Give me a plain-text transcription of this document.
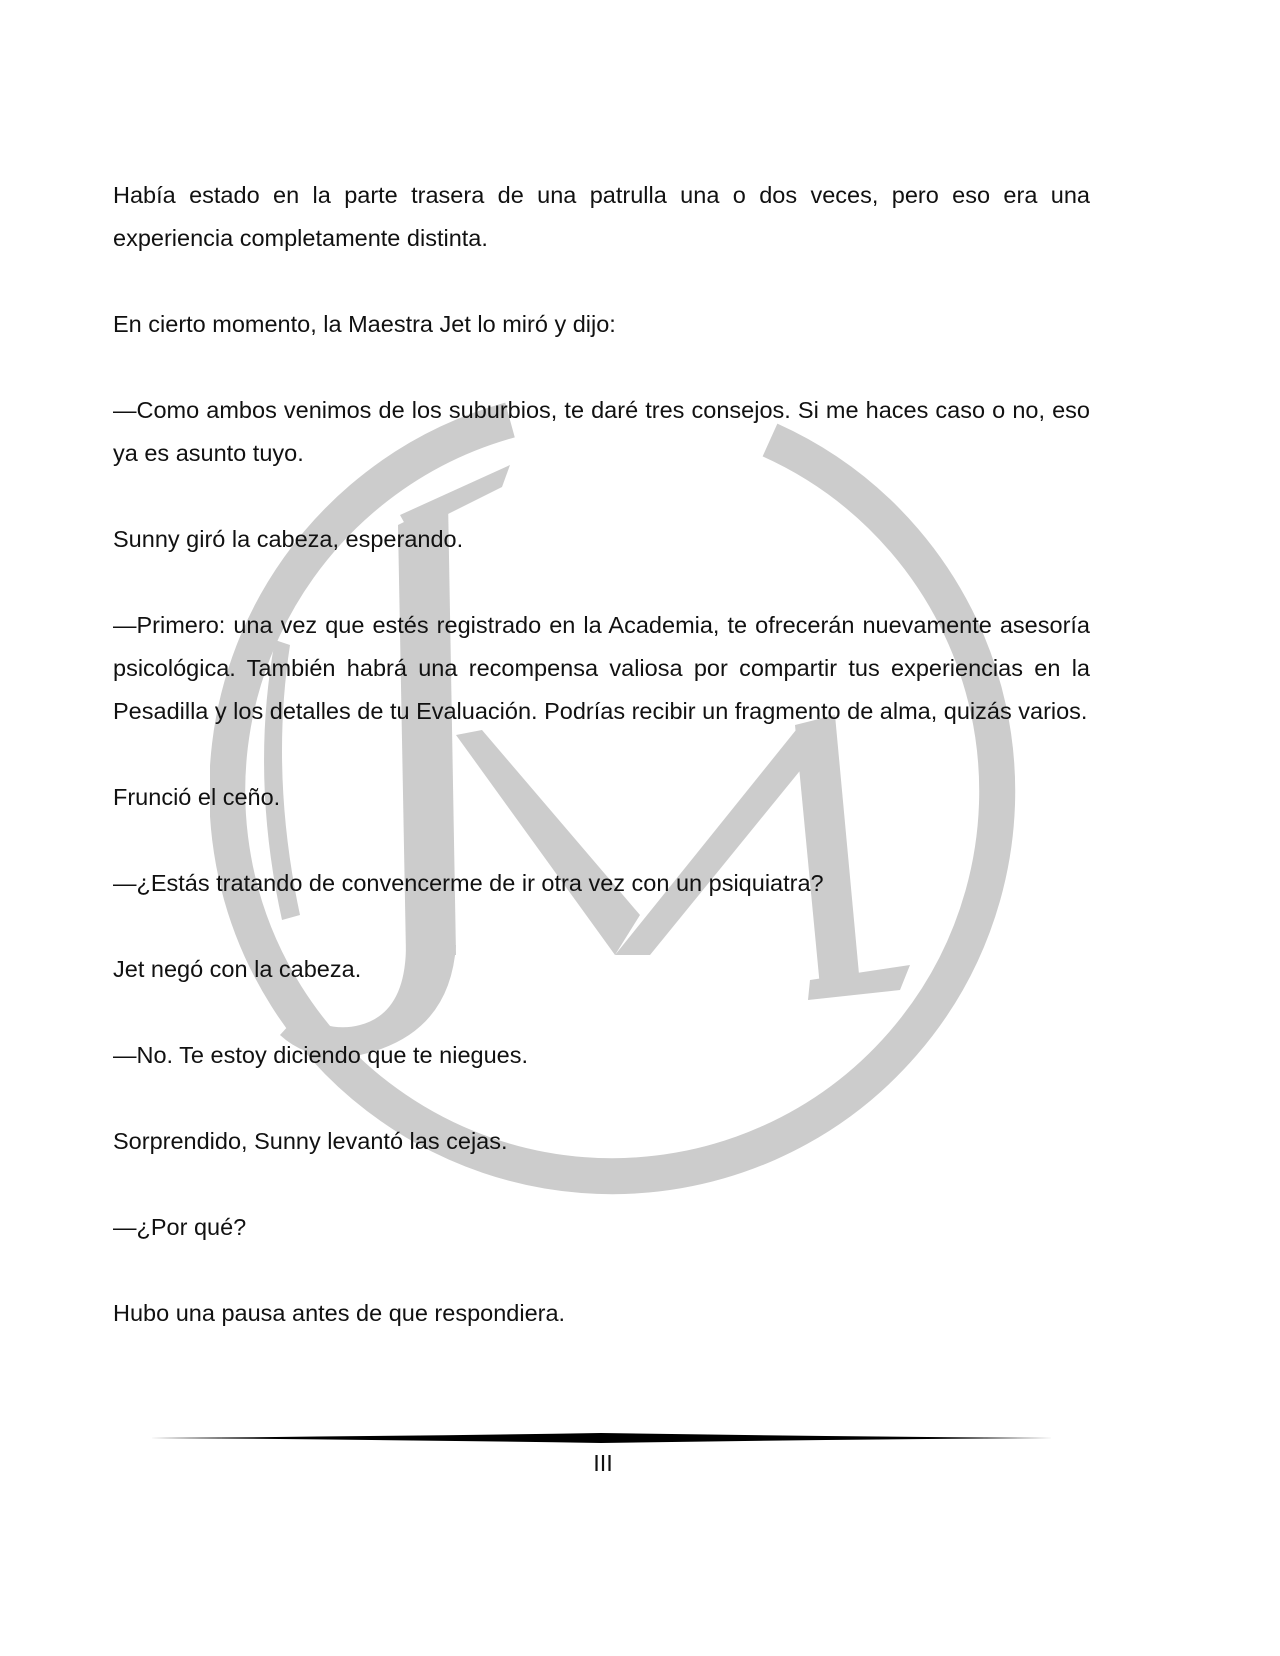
Había estado en la parte trasera de una patrulla una o dos veces, pero eso era una experiencia completamente distinta.

En cierto momento, la Maestra Jet lo miró y dijo:

—Como ambos venimos de los suburbios, te daré tres consejos. Si me haces caso o no, eso ya es asunto tuyo.

Sunny giró la cabeza, esperando.

—Primero: una vez que estés registrado en la Academia, te ofrecerán nuevamente asesoría psicológica. También habrá una recompensa valiosa por compartir tus experiencias en la Pesadilla y los detalles de tu Evaluación. Podrías recibir un fragmento de alma, quizás varios.

Frunció el ceño.

—¿Estás tratando de convencerme de ir otra vez con un psiquiatra?

Jet negó con la cabeza.

—No. Te estoy diciendo que te niegues.

Sorprendido, Sunny levantó las cejas.

—¿Por qué?

Hubo una pausa antes de que respondiera.

III
